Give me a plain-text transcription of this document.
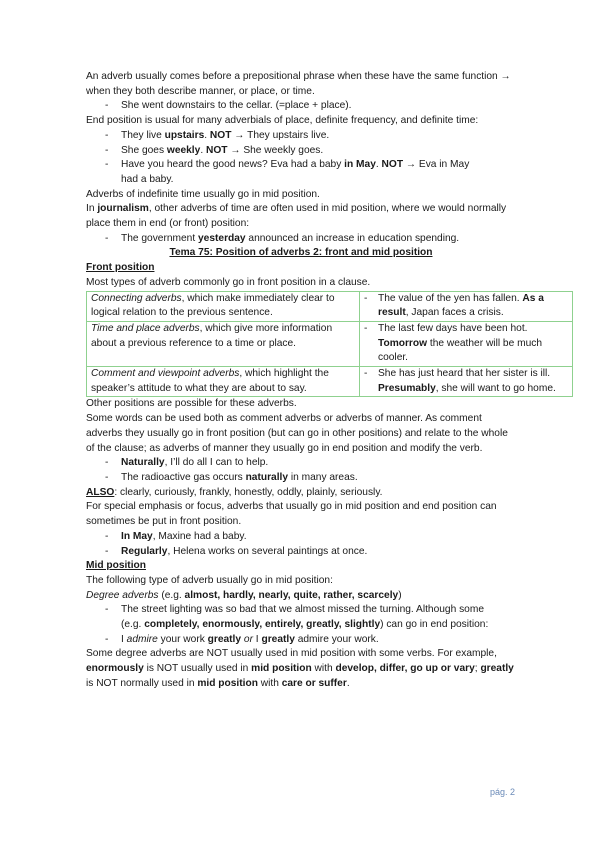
An adverb usually comes before a prepositional phrase when these have the same function → when they both describe manner, or place, or time.

- She went downstairs to the cellar. (=place + place).

End position is usual for many adverbials of place, definite frequency, and definite time:

- They live upstairs. NOT → They upstairs live.
- She goes weekly. NOT → She weekly goes.
- Have you heard the good news? Eva had a baby in May. NOT → Eva in May had a baby.

Adverbs of indefinite time usually go in mid position.

In journalism, other adverbs of time are often used in mid position, where we would normally place them in end (or front) position:

- The government yesterday announced an increase in education spending.

Tema 75: Position of adverbs 2: front and mid position

Front position

Most types of adverb commonly go in front position in a clause.

Connecting adverbs, which make immediately clear to logical relation to the previous sentence.	- The value of the yen has fallen. As a result, Japan faces a crisis.

Time and place adverbs, which give more information about a previous reference to a time or place.	- The last few days have been hot. Tomorrow the weather will be much cooler.

Comment and viewpoint adverbs, which highlight the speaker’s attitude to what they are about to say.	- She has just heard that her sister is ill. Presumably, she will want to go home.

Other positions are possible for these adverbs.

Some words can be used both as comment adverbs or adverbs of manner. As comment adverbs they usually go in front position (but can go in other positions) and relate to the whole of the clause; as adverbs of manner they usually go in end position and modify the verb.

- Naturally, I’ll do all I can to help.
- The radioactive gas occurs naturally in many areas.

ALSO: clearly, curiously, frankly, honestly, oddly, plainly, seriously.

For special emphasis or focus, adverbs that usually go in mid position and end position can sometimes be put in front position.

- In May, Maxine had a baby.
- Regularly, Helena works on several paintings at once.

Mid position

The following type of adverb usually go in mid position:

Degree adverbs (e.g. almost, hardly, nearly, quite, rather, scarcely)

- The street lighting was so bad that we almost missed the turning. Although some (e.g. completely, enormously, entirely, greatly, slightly) can go in end position:
- I admire your work greatly or I greatly admire your work.

Some degree adverbs are NOT usually used in mid position with some verbs. For example, enormously is NOT usually used in mid position with develop, differ, go up or vary; greatly is NOT normally used in mid position with care or suffer.

pág. 2
